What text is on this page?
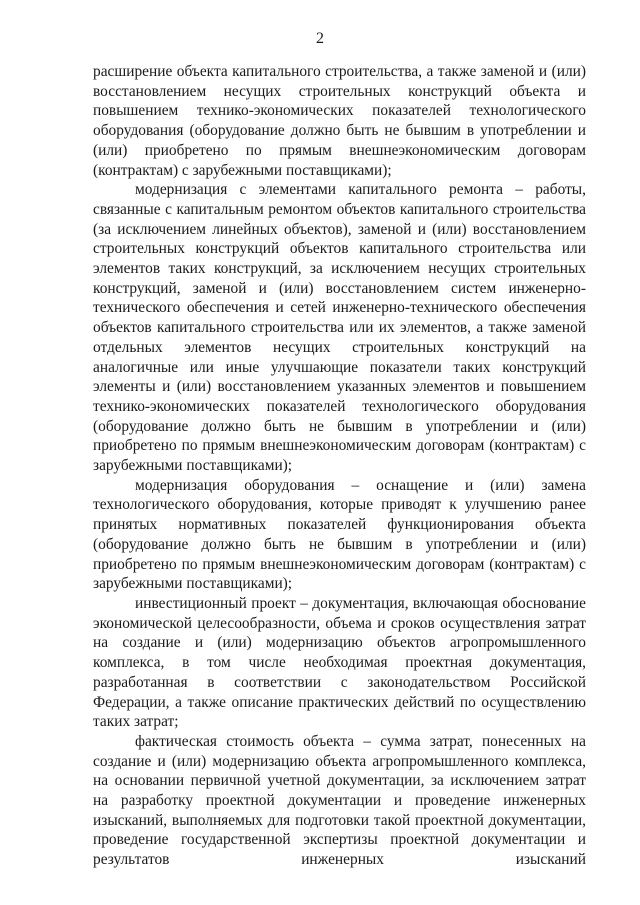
2

расширение объекта капитального строительства, а также заменой и (или) восстановлением несущих строительных конструкций объекта и повышением технико-экономических показателей технологического оборудования (оборудование должно быть не бывшим в употреблении и (или) приобретено по прямым внешнеэкономическим договорам (контрактам) с зарубежными поставщиками);

модернизация с элементами капитального ремонта – работы, связанные с капитальным ремонтом объектов капитального строительства (за исключением линейных объектов), заменой и (или) восстановлением строительных конструкций объектов капитального строительства или элементов таких конструкций, за исключением несущих строительных конструкций, заменой и (или) восстановлением систем инженерно-технического обеспечения и сетей инженерно-технического обеспечения объектов капитального строительства или их элементов, а также заменой отдельных элементов несущих строительных конструкций на аналогичные или иные улучшающие показатели таких конструкций элементы и (или) восстановлением указанных элементов и повышением технико-экономических показателей технологического оборудования (оборудование должно быть не бывшим в употреблении и (или) приобретено по прямым внешнеэкономическим договорам (контрактам) с зарубежными поставщиками);

модернизация оборудования – оснащение и (или) замена технологического оборудования, которые приводят к улучшению ранее принятых нормативных показателей функционирования объекта (оборудование должно быть не бывшим в употреблении и (или) приобретено по прямым внешнеэкономическим договорам (контрактам) с зарубежными поставщиками);

инвестиционный проект – документация, включающая обоснование экономической целесообразности, объема и сроков осуществления затрат на создание и (или) модернизацию объектов агропромышленного комплекса, в том числе необходимая проектная документация, разработанная в соответствии с законодательством Российской Федерации, а также описание практических действий по осуществлению таких затрат;

фактическая стоимость объекта – сумма затрат, понесенных на создание и (или) модернизацию объекта агропромышленного комплекса, на основании первичной учетной документации, за исключением затрат на разработку проектной документации и проведение инженерных изысканий, выполняемых для подготовки такой проектной документации, проведение государственной экспертизы проектной документации и результатов инженерных изысканий
